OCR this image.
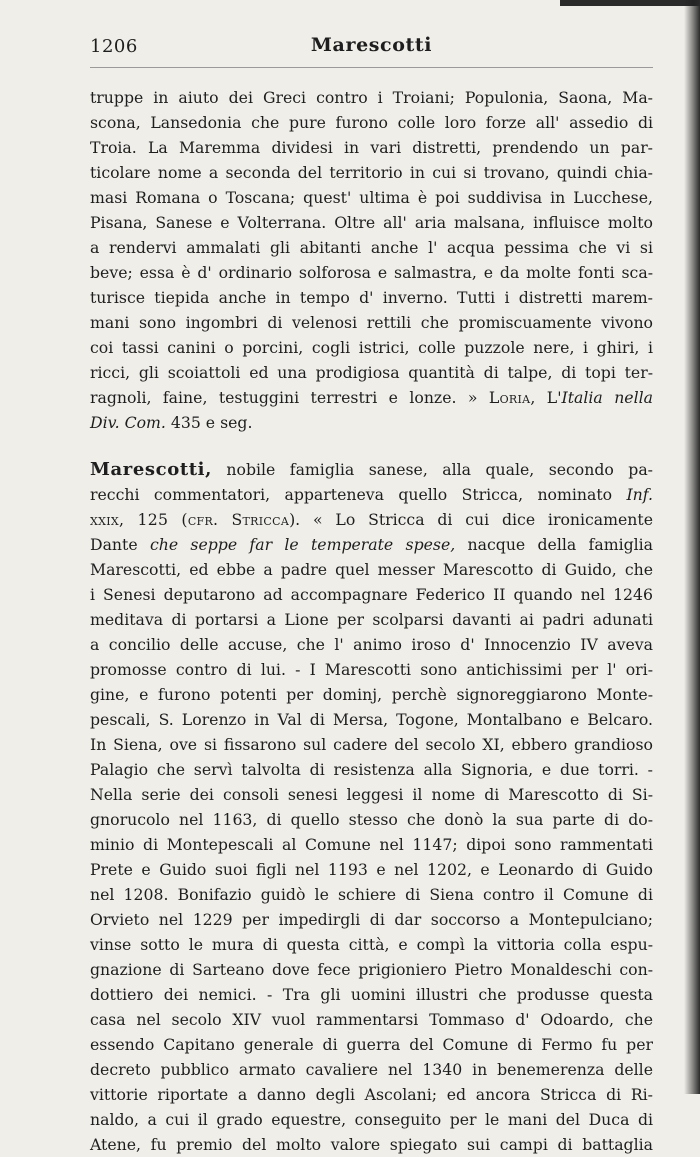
1206	Marescotti
truppe in aiuto dei Greci contro i Troiani; Populonia, Saona, Ma-
scona, Lansedonia che pure furono colle loro forze all' assedio di
Troia. La Maremma dividesi in vari distretti, prendendo un par-
ticolare nome a seconda del territorio in cui si trovano, quindi chia-
masi Romana o Toscana; quest' ultima è poi suddivisa in Lucchese,
Pisana, Sanese e Volterrana. Oltre all' aria malsana, influisce molto
a rendervi ammalati gli abitanti anche l' acqua pessima che vi si
beve; essa è d' ordinario solforosa e salmastra, e da molte fonti sca-
turisce tiepida anche in tempo d' inverno. Tutti i distretti marem-
mani sono ingombri di velenosi rettili che promiscuamente vivono
coi tassi canini o porcini, cogli istrici, colle puzzole nere, i ghiri, i
ricci, gli scoiattoli ed una prodigiosa quantità di talpe, di topi ter-
ragnoli, faine, testuggini terrestri e lonze. » Loria, L'Italia nella
Div. Com. 435 e seg.
Marescotti, nobile famiglia sanese, alla quale, secondo pa-
recchi commentatori, apparteneva quello Stricca, nominato Inf.
xxix, 125 (cfr. Stricca). « Lo Stricca di cui dice ironicamente
Dante che seppe far le temperate spese, nacque della famiglia
Marescotti, ed ebbe a padre quel messer Marescotto di Guido, che
i Senesi deputarono ad accompagnare Federico II quando nel 1246
meditava di portarsi a Lione per scolparsi davanti ai padri adunati
a concilio delle accuse, che l' animo iroso d' Innocenzio IV aveva
promosse contro di lui. - I Marescotti sono antichissimi per l' ori-
gine, e furono potenti per dominj, perchè signoreggiarono Monte-
pescali, S. Lorenzo in Val di Mersa, Togone, Montalbano e Belcaro.
In Siena, ove si fissarono sul cadere del secolo XI, ebbero grandioso
Palagio che servì talvolta di resistenza alla Signoria, e due torri. -
Nella serie dei consoli senesi leggesi il nome di Marescotto di Si-
gnorucolo nel 1163, di quello stesso che donò la sua parte di do-
minio di Montepescali al Comune nel 1147; dipoi sono rammentati
Prete e Guido suoi figli nel 1193 e nel 1202, e Leonardo di Guido
nel 1208. Bonifazio guidò le schiere di Siena contro il Comune di
Orvieto nel 1229 per impedirgli di dar soccorso a Montepulciano;
vinse sotto le mura di questa città, e compì la vittoria colla espu-
gnazione di Sarteano dove fece prigioniero Pietro Monaldeschi con-
dottiero dei nemici. - Tra gli uomini illustri che produsse questa
casa nel secolo XIV vuol rammentarsi Tommaso d' Odoardo, che
essendo Capitano generale di guerra del Comune di Fermo fu per
decreto pubblico armato cavaliere nel 1340 in benemerenza delle
vittorie riportate a danno degli Ascolani; ed ancora Stricca di Ri-
naldo, a cui il grado equestre, conseguito per le mani del Duca di
Atene, fu premio del molto valore spiegato sui campi di battaglia
